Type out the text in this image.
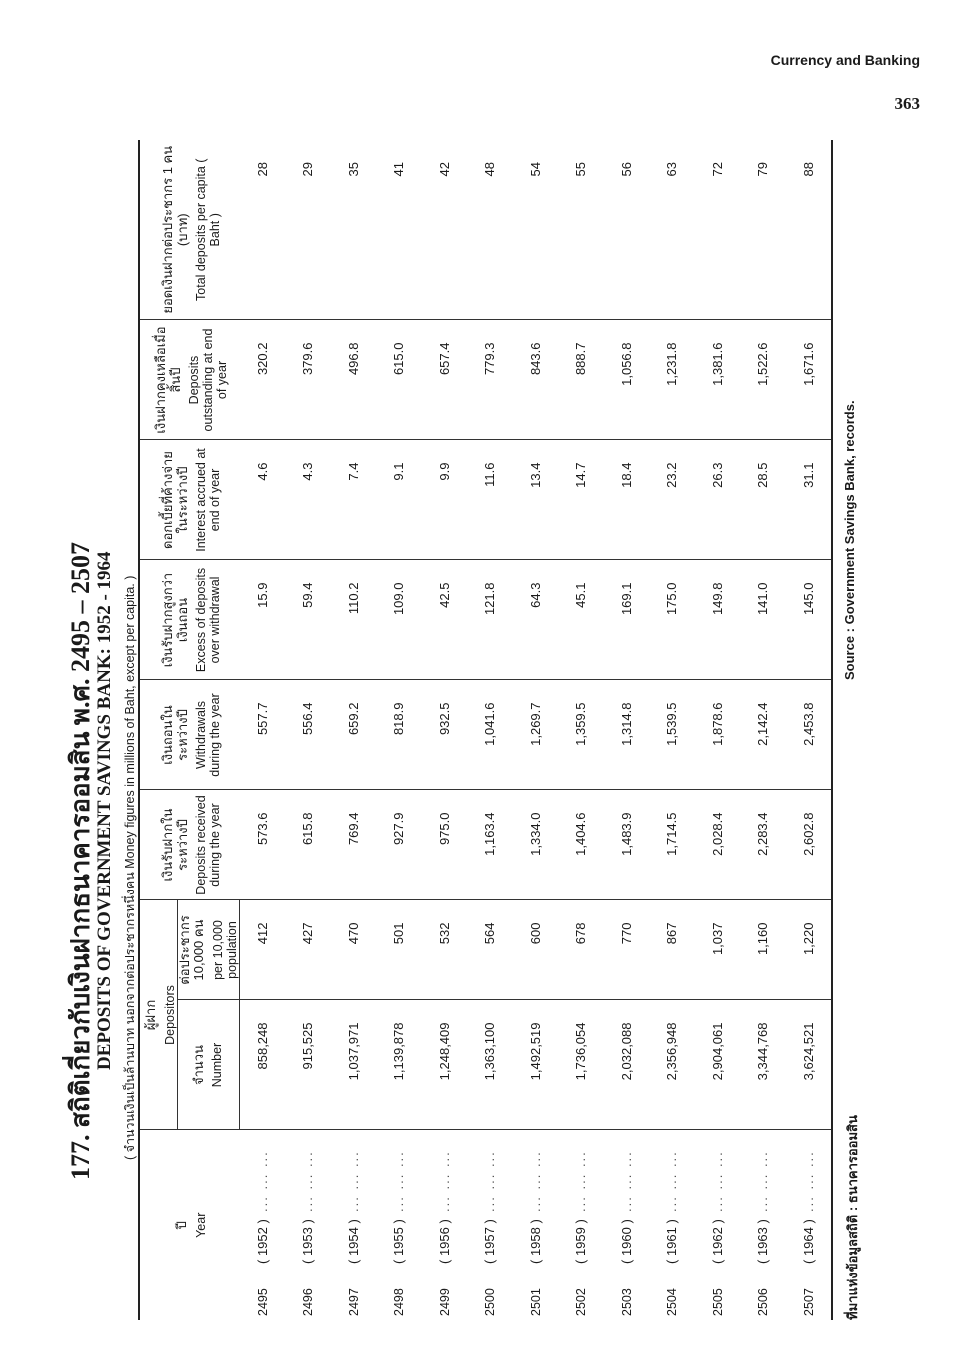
Currency and Banking
363
177. สถิติเกี่ยวกับเงินฝากธนาคารออมสิน พ.ศ. 2495 – 2507 DEPOSITS OF GOVERNMENT SAVINGS BANK: 1952 - 1964 ( จำนวนเงินเป็นล้านบาท นอกจากต่อประชากรหนึ่งคน Money figures in millions of Baht, except per capita. )
ปี Year	ผู้ฝาก Depositors		เงินรับฝากในระหว่างปี Deposits received during the year	เงินถอนในระหว่างปี Withdrawals during the year	เงินรับฝากสูงกว่าเงินถอน Excess of deposits over withdrawal	ดอกเบี้ยที่ค้างจ่ายในระหว่างปี Interest accrued at end of year	เงินฝากคงเหลือเมื่อสิ้นปี Deposits outstanding at end of year	ยอดเงินฝากต่อประชากร 1 คน (บาท) Total deposits per capita ( Baht )

	จำนวน Number	ต่อประชากร 10,000 คน per 10,000 population						
2495( 1952 )  ... ... ...	858,248	412	573.6	557.7	15.9	4.6	320.2	28
2496( 1953 )  ... ... ...	915,525	427	615.8	556.4	59.4	4.3	379.6	29
2497( 1954 )  ... ... ...	1,037,971	470	769.4	659.2	110.2	7.4	496.8	35
2498( 1955 )  ... ... ...	1,139,878	501	927.9	818.9	109.0	9.1	615.0	41
2499( 1956 )  ... ... ...	1,248,409	532	975.0	932.5	42.5	9.9	657.4	42
2500( 1957 )  ... ... ...	1,363,100	564	1,163.4	1,041.6	121.8	11.6	779.3	48
2501( 1958 )  ... ... ...	1,492,519	600	1,334.0	1,269.7	64.3	13.4	843.6	54
2502( 1959 )  ... ... ...	1,736,054	678	1,404.6	1,359.5	45.1	14.7	888.7	55
2503( 1960 )  ... ... ...	2,032,088	770	1,483.9	1,314.8	169.1	18.4	1,056.8	56
2504( 1961 )  ... ... ...	2,356,948	867	1,714.5	1,539.5	175.0	23.2	1,231.8	63
2505( 1962 )  ... ... ...	2,904,061	1,037	2,028.4	1,878.6	149.8	26.3	1,381.6	72
2506( 1963 )  ... ... ...	3,344,768	1,160	2,283.4	2,142.4	141.0	28.5	1,522.6	79
2507( 1964 )  ... ... ...	3,624,521	1,220	2,602.8	2,453.8	145.0	31.1	1,671.6	88
ที่มาแห่งข้อมูลสถิติ : ธนาคารออมสิน
Source : Government Savings Bank, records.
